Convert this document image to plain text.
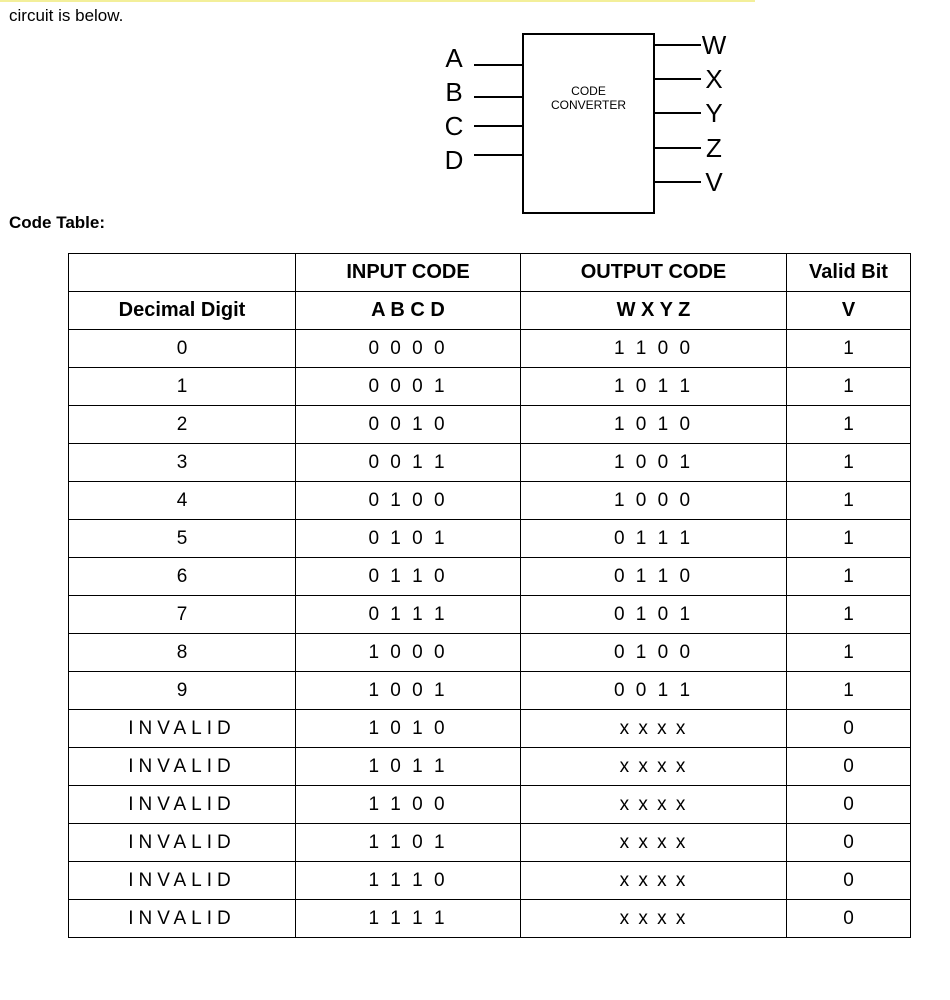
circuit is below.
A
B
C
D
CODE
CONVERTER
W
X
Y
Z
V
Code Table:
	INPUT CODE	OUTPUT CODE	Valid Bit
Decimal Digit	A B C D	W X Y Z	V
0	0 0 0 0	1 1 0 0	1
1	0 0 0 1	1 0 1 1	1
2	0 0 1 0	1 0 1 0	1
3	0 0 1 1	1 0 0 1	1
4	0 1 0 0	1 0 0 0	1
5	0 1 0 1	0 1 1 1	1
6	0 1 1 0	0 1 1 0	1
7	0 1 1 1	0 1 0 1	1
8	1 0 0 0	0 1 0 0	1
9	1 0 0 1	0 0 1 1	1
INVALID	1 0 1 0	x x x x	0
INVALID	1 0 1 1	x x x x	0
INVALID	1 1 0 0	x x x x	0
INVALID	1 1 0 1	x x x x	0
INVALID	1 1 1 0	x x x x	0
INVALID	1 1 1 1	x x x x	0
